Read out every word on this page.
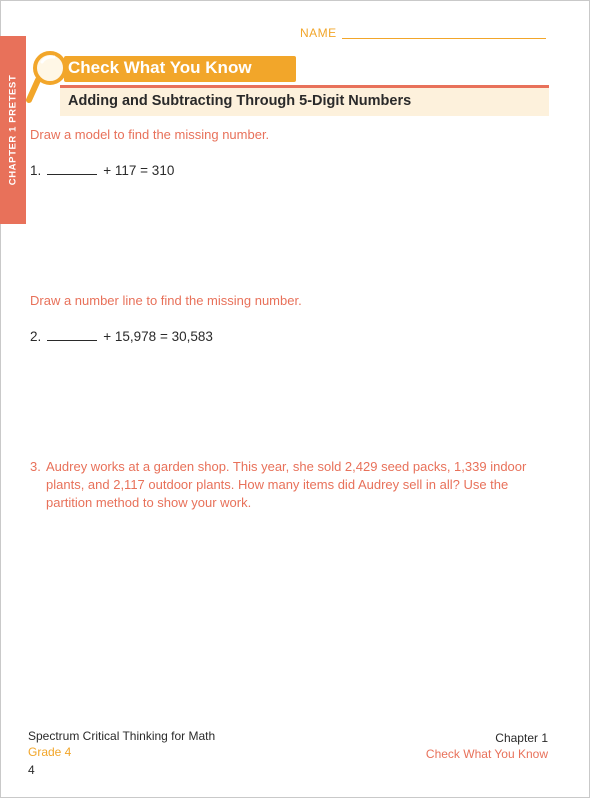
NAME
CHAPTER 1 PRETEST
Check What You Know
Adding and Subtracting Through 5-Digit Numbers
Draw a model to find the missing number.
1.	+ 117 = 310
Draw a number line to find the missing number.
2.	+ 15,978 = 30,583
3. Audrey works at a garden shop. This year, she sold 2,429 seed packs, 1,339 indoor plants, and 2,117 outdoor plants. How many items did Audrey sell in all? Use the partition method to show your work.
Spectrum Critical Thinking for Math
Grade 4
4
Chapter 1
Check What You Know
